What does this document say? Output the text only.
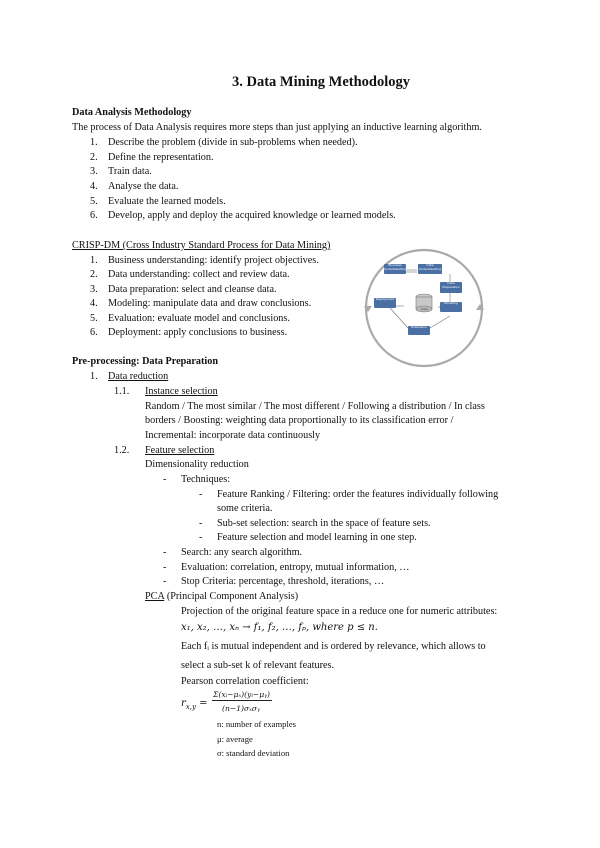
3. Data Mining Methodology
Data Analysis Methodology
The process of Data Analysis requires more steps than just applying an inductive learning algorithm.
1. Describe the problem (divide in sub-problems when needed).
2. Define the representation.
3. Train data.
4. Analyse the data.
5. Evaluate the learned models.
6. Develop, apply and deploy the acquired knowledge or learned models.
CRISP-DM (Cross Industry Standard Process for Data Mining)
1. Business understanding: identify project objectives.
2. Data understanding: collect and review data.
3. Data preparation: select and cleanse data.
4. Modeling: manipulate data and draw conclusions.
5. Evaluation: evaluate model and conclusions.
6. Deployment: apply conclusions to business.
Business Understanding
Data Understanding
Data Preparation
Modeling
Evaluation
Deployment
Data
Pre-processing: Data Preparation
1. Data reduction
1.1. Instance selection
Random / The most similar / The most different / Following a distribution / In class
borders / Boosting: weighting data proportionally to its classification error /
Incremental: incorporate data continuously
1.2. Feature selection
Dimensionality reduction
- Techniques:
- Feature Ranking / Filtering: order the features individually following
some criteria.
- Sub-set selection: search in the space of feature sets.
- Feature selection and model learning in one step.
- Search: any search algorithm.
- Evaluation: correlation, entropy, mutual information, …
- Stop Criteria: percentage, threshold, iterations, …
PCA (Principal Component Analysis)
Projection of the original feature space in a reduce one for numeric attributes:
x₁, x₂, …, xₙ → f₁, f₂, …, fₚ, where p ≤ n.
Each fᵢ is mutual independent and is ordered by relevance, which allows to
select a sub-set k of relevant features.
Pearson correlation coefficient:
$r_{x,y}$ =
Σ(xᵢ−μₓ)(yᵢ−μᵧ)
(n−1)σₓσᵧ
n: number of examples
μ: average
σ: standard deviation
